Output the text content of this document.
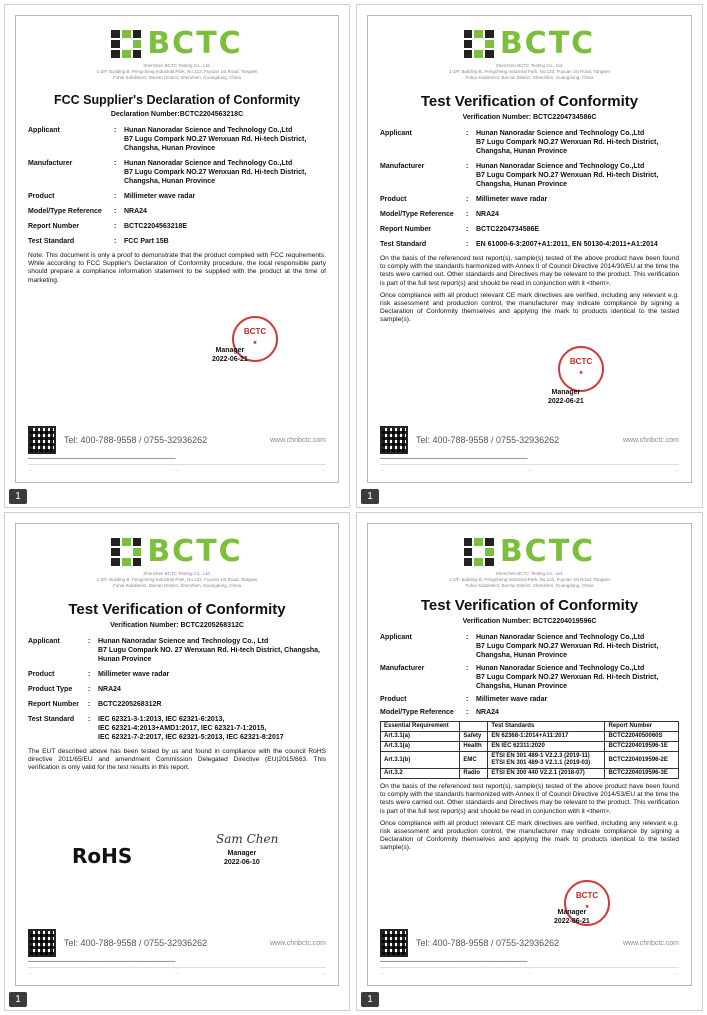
BCTC
Shenzhen BCTC Testing Co., Ltd.
1-2/F, Building B, Pengcheng Industrial Park, No.123, Fuyuan 1st Road, Tangwei
Fuhai Subdistrict, Bao'an District, Shenzhen, Guangdong, China
FCC Supplier's Declaration of Conformity
Declaration Number:BCTC2204563218C
Applicant	:	Hunan Nanoradar Science and Technology Co.,Ltd
B7 Lugu Compark NO.27 Wenxuan Rd. Hi-tech District,
Changsha, Hunan Province
Manufacturer	:	Hunan Nanoradar Science and Technology Co.,Ltd
B7 Lugu Compark NO.27 Wenxuan Rd. Hi-tech District,
Changsha, Hunan Province
Product	:	Millimeter wave radar
Model/Type Reference	:	NRA24
Report Number	:	BCTC2204563218E
Test Standard	:	FCC Part 15B
Note: This document is only a proof to demonstrate that the product complied with FCC requirements. While according to FCC Supplier's Declaration of Conformity procedure, the local responsible party should prepare a compliance information statement to be supplied with the product at the time of marketing.
BCTC
★
Manager
2022-06-21
Tel: 400-788-9558 / 0755-32936262	www.chnbctc.com
▬▬▬▬▬▬▬▬▬▬▬▬▬▬▬▬▬▬▬▬▬▬▬▬▬▬▬▬▬▬▬▬▬▬▬▬▬▬▬▬▬
—	—	—
1
BCTC
Shenzhen BCTC Testing Co., Ltd.
1-2/F, Building B, Pengcheng Industrial Park, No.123, Fuyuan 1st Road, Tangwei
Fuhai Subdistrict, Bao'an District, Shenzhen, Guangdong, China
Test Verification of Conformity
Verification Number: BCTC2204734586C
Applicant	:	Hunan Nanoradar Science and Technology Co.,Ltd
B7 Lugu Compark NO.27 Wenxuan Rd. Hi-tech District,
Changsha, Hunan Province
Manufacturer	:	Hunan Nanoradar Science and Technology Co.,Ltd
B7 Lugu Compark NO.27 Wenxuan Rd. Hi-tech District,
Changsha, Hunan Province
Product	:	Millimeter wave radar
Model/Type Reference	:	NRA24
Report Number	:	BCTC2204734586E
Test Standard	:	EN 61000-6-3:2007+A1:2011, EN 50130-4:2011+A1:2014
On the basis of the referenced test report(s), sample(s) tested of the above product have been found to comply with the standards harmonized with Annex II of Council Directive 2014/30/EU at the time the tests were carried out. Other standards and Directives may be relevant to the product. This verification is part of the full test report(s) and should be read in conjunction with it <them>.
Once compliance with all product relevant CE mark directives are verified, including any relevant e.g. risk assessment and production control, the manufacturer may indicate compliance by signing a Declaration of Conformity themselves and applying the mark to products identical to the tested sample(s).
BCTC
★
Manager
2022-06-21
Tel: 400-788-9558 / 0755-32936262	www.chnbctc.com
▬▬▬▬▬▬▬▬▬▬▬▬▬▬▬▬▬▬▬▬▬▬▬▬▬▬▬▬▬▬▬▬▬▬▬▬▬▬▬▬▬
—	—	—
1
BCTC
Shenzhen BCTC Testing Co., Ltd.
1-2/F, Building B, Pengcheng Industrial Park, No.123, Fuyuan 1st Road, Tangwei
Fuhai Subdistrict, Bao'an District, Shenzhen, Guangdong, China
Test Verification of Conformity
Verification Number: BCTC2205268312C
Applicant	:	Hunan Nanoradar Science and Technology Co., Ltd
B7 Lugu Compark NO. 27 Wenxuan Rd. Hi-tech District, Changsha,
Hunan Province
Product	:	Millimeter wave radar
Product Type	:	NRA24
Report Number	:	BCTC2205268312R
Test Standard	:	IEC 62321-3-1:2013, IEC 62321-6:2013,
IEC 62321-4:2013+AMD1:2017, IEC 62321-7-1:2015,
IEC 62321-7-2:2017, IEC 62321-5:2013, IEC 62321-8:2017
The EUT described above has been tested by us and found in compliance with the council RoHS directive 2011/65/EU and amendment Commission Delegated Directive (EU)2015/863. This verification is only valid for the test results in this report.
RoHS
Sam Chen
Manager
2022-06-10
Tel: 400-788-9558 / 0755-32936262	www.chnbctc.com
▬▬▬▬▬▬▬▬▬▬▬▬▬▬▬▬▬▬▬▬▬▬▬▬▬▬▬▬▬▬▬▬▬▬▬▬▬▬▬▬▬
—	—	—
1
BCTC
Shenzhen BCTC Testing Co., Ltd.
1-2/F, Building B, Pengcheng Industrial Park, No.123, Fuyuan 1st Road, Tangwei
Fuhai Subdistrict, Bao'an District, Shenzhen, Guangdong, China
Test Verification of Conformity
Verification Number: BCTC2204019596C
Applicant	:	Hunan Nanoradar Science and Technology Co.,Ltd
B7 Lugu Compark NO.27 Wenxuan Rd. Hi-tech District,
Changsha, Hunan Province
Manufacturer	:	Hunan Nanoradar Science and Technology Co.,Ltd
B7 Lugu Compark NO.27 Wenxuan Rd. Hi-tech District,
Changsha, Hunan Province
Product	:	Millimeter wave radar
Model/Type Reference	:	NRA24
Essential Requirement		Test Standards	Report Number
Art.3.1(a)	Safety	EN 62368-1:2014+A11:2017	BCTC2204050060S
Art.3.1(a)	Health	EN IEC 62311:2020	BCTC2204019596-1E
Art.3.1(b)	EMC	ETSI EN 301 489-1 V2.2.3 (2019-11)
ETSI EN 301 489-3 V2.1.1 (2019-03)	BCTC2204019596-2E
Art.3.2	Radio	ETSI EN 300 440 V2.2.1 (2018-07)	BCTC2204019596-3E
On the basis of the referenced test report(s), sample(s) tested of the above product have been found to comply with the standards harmonized with Annex II of Council Directive 2014/53/EU at the time the tests were carried out. Other standards and Directives may be relevant to the product. This verification is part of the full test report(s) and should be read in conjunction with it <them>.
Once compliance with all product relevant CE mark directives are verified, including any relevant e.g. risk assessment and production control, the manufacturer may indicate compliance by signing a Declaration of Conformity themselves and applying the mark to products identical to the tested sample(s).
BCTC
★
Manager
2022-06-21
Tel: 400-788-9558 / 0755-32936262	www.chnbctc.com
▬▬▬▬▬▬▬▬▬▬▬▬▬▬▬▬▬▬▬▬▬▬▬▬▬▬▬▬▬▬▬▬▬▬▬▬▬▬▬▬▬
—	—	—
1
